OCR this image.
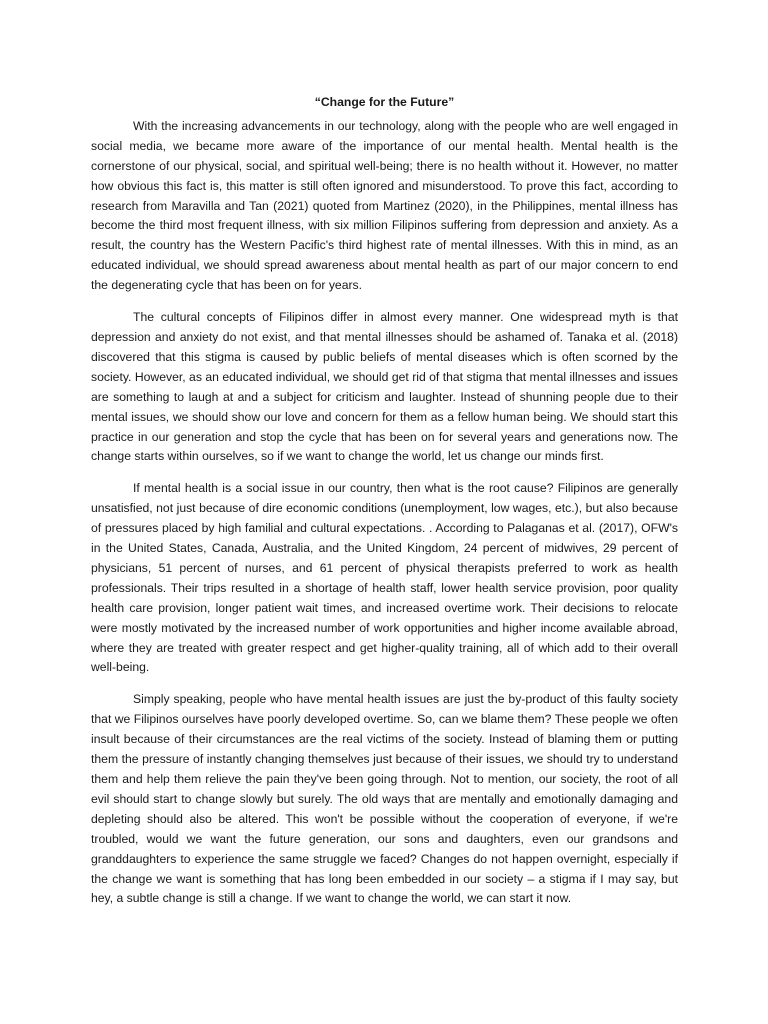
“Change for the Future”

With the increasing advancements in our technology, along with the people who are well engaged in social media, we became more aware of the importance of our mental health. Mental health is the cornerstone of our physical, social, and spiritual well-being; there is no health without it. However, no matter how obvious this fact is, this matter is still often ignored and misunderstood. To prove this fact, according to research from Maravilla and Tan (2021) quoted from Martinez (2020), in the Philippines, mental illness has become the third most frequent illness, with six million Filipinos suffering from depression and anxiety. As a result, the country has the Western Pacific's third highest rate of mental illnesses. With this in mind, as an educated individual, we should spread awareness about mental health as part of our major concern to end the degenerating cycle that has been on for years.

The cultural concepts of Filipinos differ in almost every manner. One widespread myth is that depression and anxiety do not exist, and that mental illnesses should be ashamed of. Tanaka et al. (2018) discovered that this stigma is caused by public beliefs of mental diseases which is often scorned by the society. However, as an educated individual, we should get rid of that stigma that mental illnesses and issues are something to laugh at and a subject for criticism and laughter. Instead of shunning people due to their mental issues, we should show our love and concern for them as a fellow human being. We should start this practice in our generation and stop the cycle that has been on for several years and generations now. The change starts within ourselves, so if we want to change the world, let us change our minds first.

If mental health is a social issue in our country, then what is the root cause? Filipinos are generally unsatisfied, not just because of dire economic conditions (unemployment, low wages, etc.), but also because of pressures placed by high familial and cultural expectations. . According to Palaganas et al. (2017), OFW's in the United States, Canada, Australia, and the United Kingdom, 24 percent of midwives, 29 percent of physicians, 51 percent of nurses, and 61 percent of physical therapists preferred to work as health professionals. Their trips resulted in a shortage of health staff, lower health service provision, poor quality health care provision, longer patient wait times, and increased overtime work. Their decisions to relocate were mostly motivated by the increased number of work opportunities and higher income available abroad, where they are treated with greater respect and get higher-quality training, all of which add to their overall well-being.

Simply speaking, people who have mental health issues are just the by-product of this faulty society that we Filipinos ourselves have poorly developed overtime. So, can we blame them? These people we often insult because of their circumstances are the real victims of the society. Instead of blaming them or putting them the pressure of instantly changing themselves just because of their issues, we should try to understand them and help them relieve the pain they've been going through. Not to mention, our society, the root of all evil should start to change slowly but surely. The old ways that are mentally and emotionally damaging and depleting should also be altered. This won't be possible without the cooperation of everyone, if we're troubled, would we want the future generation, our sons and daughters, even our grandsons and granddaughters to experience the same struggle we faced? Changes do not happen overnight, especially if the change we want is something that has long been embedded in our society – a stigma if I may say, but hey, a subtle change is still a change. If we want to change the world, we can start it now.
